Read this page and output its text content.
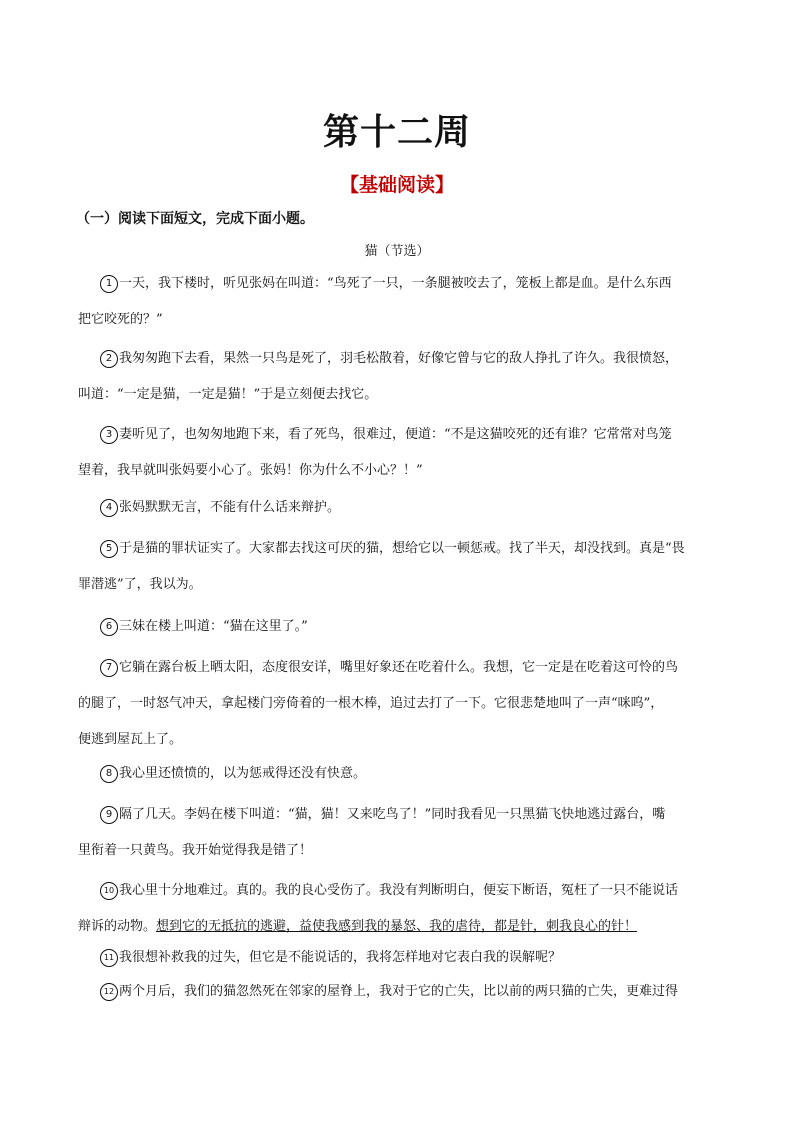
第十二周
【基础阅读】
（一）阅读下面短文，完成下面小题。
猫（节选）
1 一天，我下楼时，听见张妈在叫道：“鸟死了一只，一条腿被咬去了，笼板上都是血。是什么东西
把它咬死的？”
2 我匆匆跑下去看，果然一只鸟是死了，羽毛松散着，好像它曾与它的敌人挣扎了许久。我很愤怒，
叫道：“一定是猫，一定是猫！”于是立刻便去找它。
3 妻听见了，也匆匆地跑下来，看了死鸟，很难过，便道：“不是这猫咬死的还有谁？它常常对鸟笼
望着，我早就叫张妈要小心了。张妈！你为什么不小心？！”
4 张妈默默无言，不能有什么话来辩护。
5 于是猫的罪状证实了。大家都去找这可厌的猫，想给它以一顿惩戒。找了半天，却没找到。真是“畏
罪潜逃”了，我以为。
6 三妹在楼上叫道：“猫在这里了。”
7 它躺在露台板上晒太阳，态度很安详，嘴里好象还在吃着什么。我想，它一定是在吃着这可怜的鸟
的腿了，一时怒气冲天，拿起楼门旁倚着的一根木棒，追过去打了一下。它很悲楚地叫了一声“咪呜”，
便逃到屋瓦上了。
8 我心里还愤愤的，以为惩戒得还没有快意。
9 隔了几天。李妈在楼下叫道：“猫，猫！又来吃鸟了！”同时我看见一只黑猫飞快地逃过露台，嘴
里衔着一只黄鸟。我开始觉得我是错了！
10 我心里十分地难过。真的。我的良心受伤了。我没有判断明白，便妄下断语，冤枉了一只不能说话
辩诉的动物。想到它的无抵抗的逃避，益使我感到我的暴怒、我的虐待，都是针，刺我良心的针！
11 我很想补救我的过失，但它是不能说话的，我将怎样地对它表白我的误解呢？
12 两个月后，我们的猫忽然死在邻家的屋脊上，我对于它的亡失，比以前的两只猫的亡失，更难过得
